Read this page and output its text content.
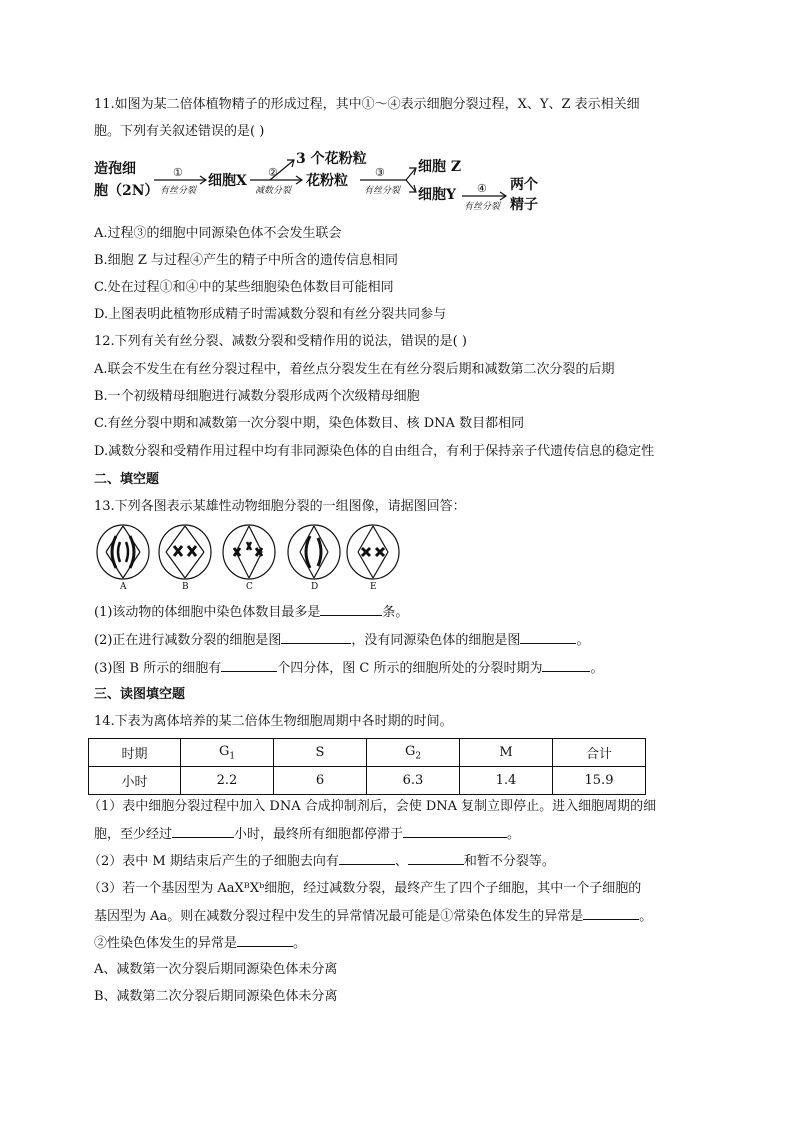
11.如图为某二倍体植物精子的形成过程，其中①～④表示细胞分裂过程，X、Y、Z 表示相关细
胞。下列有关叙述错误的是( )
造孢细
胞（2N）
①
有丝分裂
细胞X
②
减数分裂
3 个花粉粒
花粉粒
③
有丝分裂
细胞 Z
细胞Y ④
有丝分裂
两个
精子
A.过程③的细胞中同源染色体不会发生联会
B.细胞 Z 与过程④产生的精子中所含的遗传信息相同
C.处在过程①和④中的某些细胞染色体数目可能相同
D.上图表明此植物形成精子时需减数分裂和有丝分裂共同参与
12.下列有关有丝分裂、减数分裂和受精作用的说法，错误的是( )
A.联会不发生在有丝分裂过程中，着丝点分裂发生在有丝分裂后期和减数第二次分裂的后期
B.一个初级精母细胞进行减数分裂形成两个次级精母细胞
C.有丝分裂中期和减数第一次分裂中期，染色体数目、核 DNA 数目都相同
D.减数分裂和受精作用过程中均有非同源染色体的自由组合，有利于保持亲子代遗传信息的稳定性
二、填空题
13.下列各图表示某雄性动物细胞分裂的一组图像，请据图回答：
A	B	C	D	E
(1)该动物的体细胞中染色体数目最多是	条。
(2)正在进行减数分裂的细胞是图	，没有同源染色体的细胞是图	。
(3)图 B 所示的细胞有	个四分体，图 C 所示的细胞所处的分裂时期为	。
三、读图填空题
14.下表为离体培养的某二倍体生物细胞周期中各时期的时间。
时期	$G_1$	S	$G_2$	M	合计
小时	2.2	6	6.3	1.4	15.9
（1）表中细胞分裂过程中加入 DNA 合成抑制剂后，会使 DNA 复制立即停止。进入细胞周期的细
胞，至少经过	小时，最终所有细胞都停滞于	。
（2）表中 M 期结束后产生的子细胞去向有	、	和暂不分裂等。
（3）若一个基因型为 AaXᴮXᵇ细胞，经过减数分裂，最终产生了四个子细胞，其中一个子细胞的
基因型为 Aa。则在减数分裂过程中发生的异常情况最可能是①常染色体发生的异常是	。
②性染色体发生的异常是	。
A、减数第一次分裂后期同源染色体未分离
B、减数第二次分裂后期同源染色体未分离
